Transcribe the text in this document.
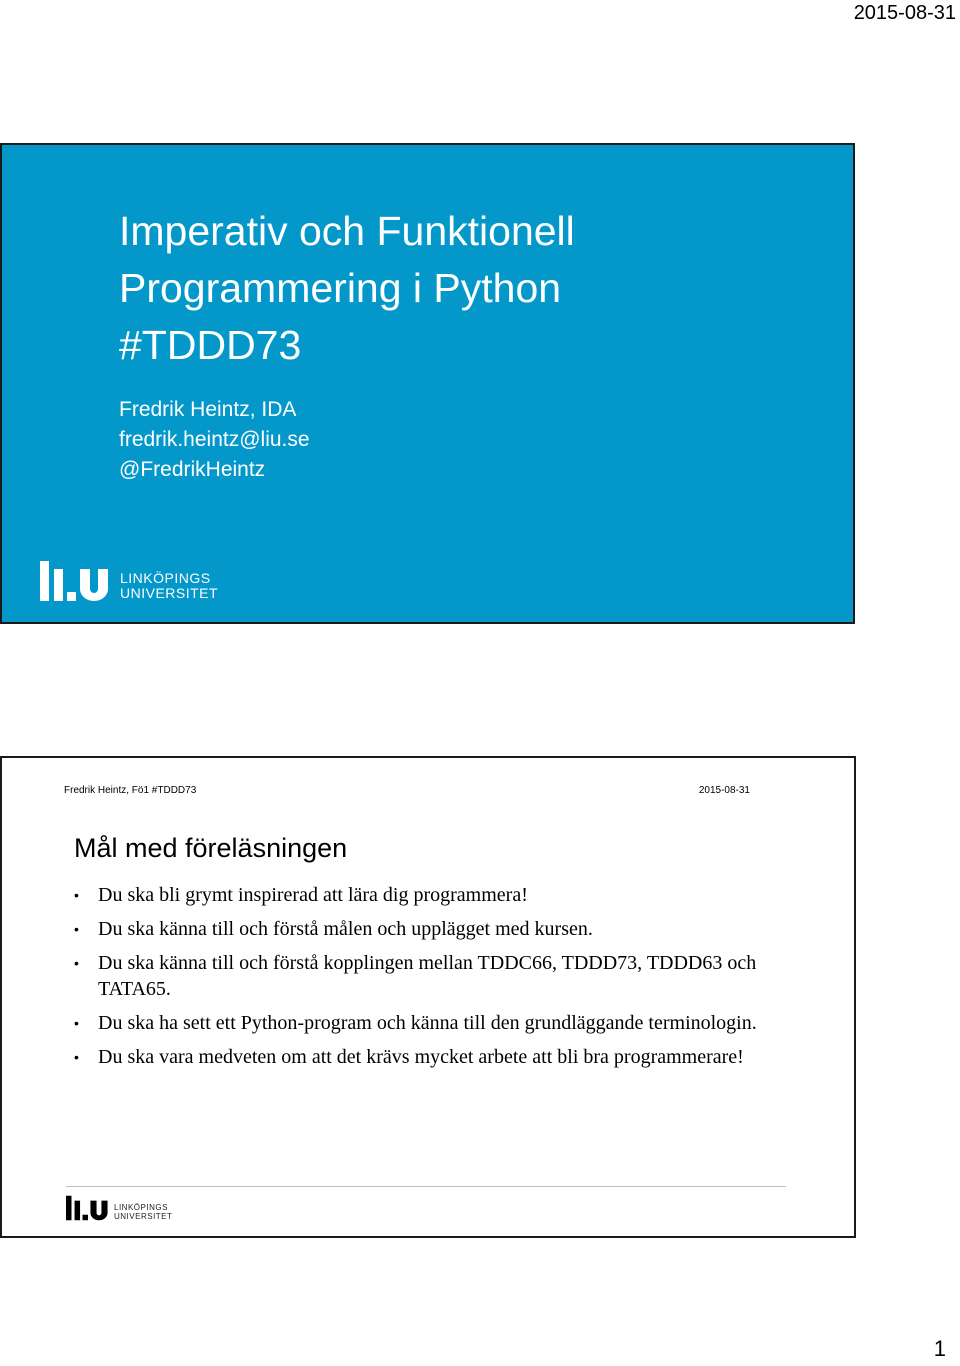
2015-08-31
Imperativ och Funktionell
Programmering i Python
#TDDD73
Fredrik Heintz, IDA
fredrik.heintz@liu.se
@FredrikHeintz
LINKÖPINGS
UNIVERSITET
Fredrik Heintz, Fö1 #TDDD73	2015-08-31
Mål med föreläsningen
• Du ska bli grymt inspirerad att lära dig programmera!
• Du ska känna till och förstå målen och upplägget med kursen.
• Du ska känna till och förstå kopplingen mellan TDDC66, TDDD73, TDDD63 och TATA65.
• Du ska ha sett ett Python-program och känna till den grundläggande terminologin.
• Du ska vara medveten om att det krävs mycket arbete att bli bra programmerare!
LINKÖPINGS
UNIVERSITET
1
